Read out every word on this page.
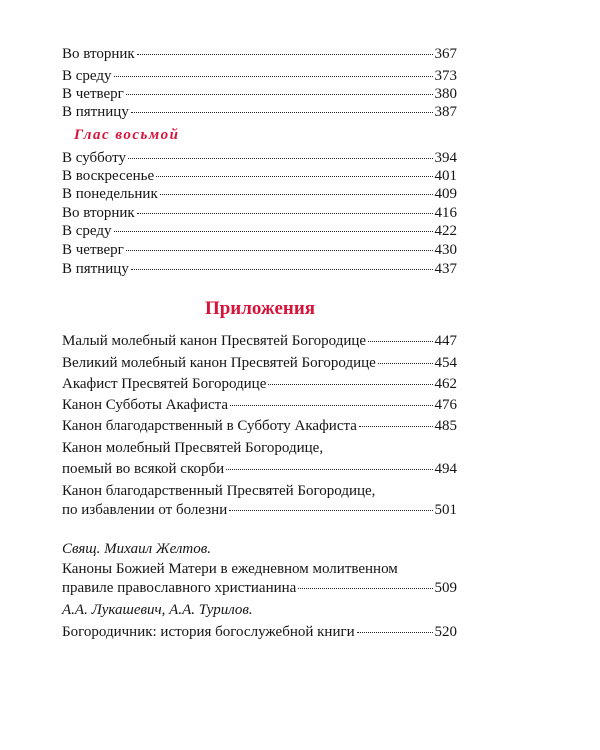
Во вторник	367
В среду	373
В четверг	380
В пятницу	387
Глас восьмой
В субботу	394
В воскресенье	401
В понедельник	409
Во вторник	416
В среду	422
В четверг	430
В пятницу	437
Приложения
Малый молебный канон Пресвятей Богородице	447
Великий молебный канон Пресвятей Богородице	454
Акафист Пресвятей Богородице	462
Канон Субботы Акафиста	476
Канон благодарственный в Субботу Акафиста	485
Канон молебный Пресвятей Богородице,
поемый во всякой скорби	494
Канон благодарственный Пресвятей Богородице,
по избавлении от болезни	501
Свящ. Михаил Желтов.
Каноны Божией Матери в ежедневном молитвенном
правиле православного христианина	509
А.А. Лукашевич, А.А. Турилов.
Богородичник: история богослужебной книги	520
